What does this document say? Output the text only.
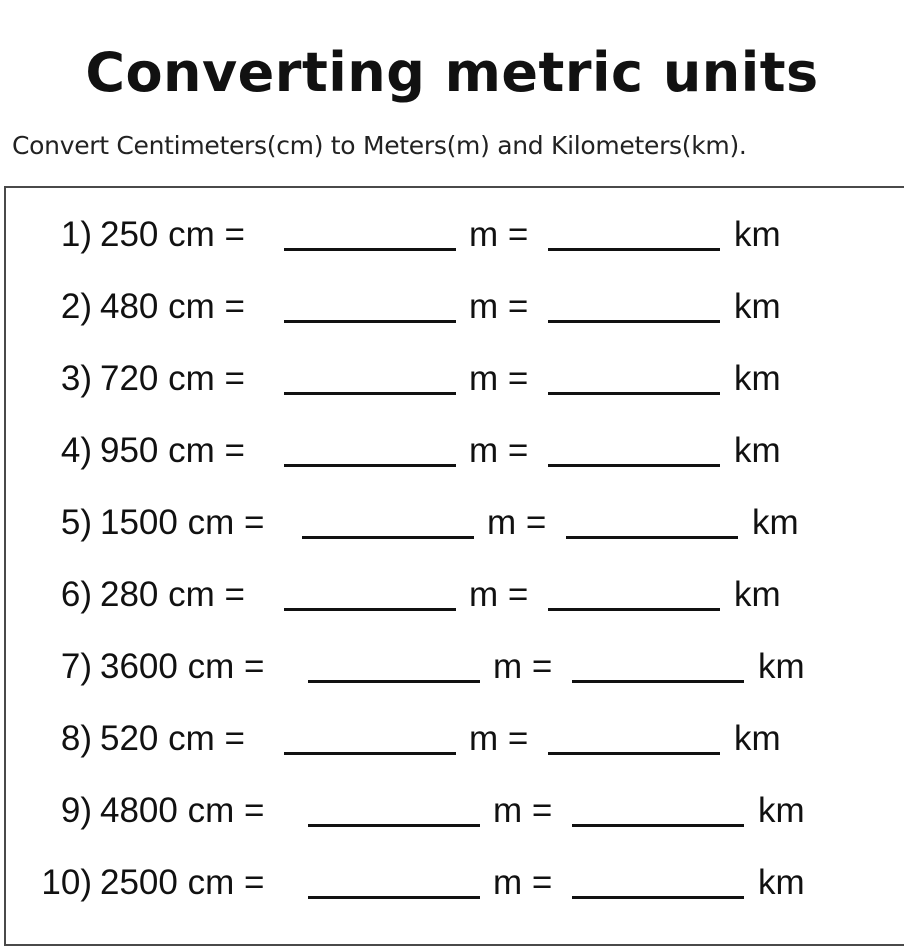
Converting metric units
Convert Centimeters(cm) to Meters(m) and Kilometers(km).
1) 250 cm =	m =	km
2) 480 cm =	m =	km
3) 720 cm =	m =	km
4) 950 cm =	m =	km
5) 1500 cm =	m =	km
6) 280 cm =	m =	km
7) 3600 cm =	m =	km
8) 520 cm =	m =	km
9) 4800 cm =	m =	km
10) 2500 cm =	m =	km
